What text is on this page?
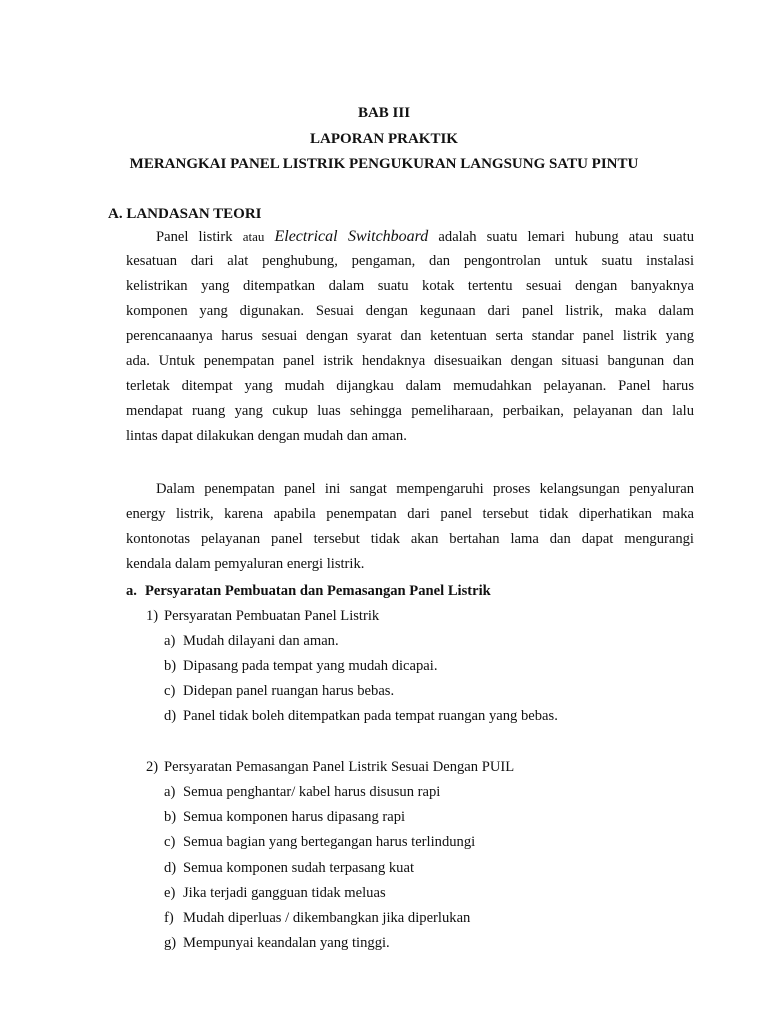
BAB III
LAPORAN PRAKTIK
MERANGKAI PANEL LISTRIK PENGUKURAN LANGSUNG SATU PINTU
A. LANDASAN TEORI
Panel listirk atau Electrical Switchboard adalah suatu lemari hubung atau suatu
kesatuan dari alat penghubung, pengaman, dan pengontrolan untuk suatu instalasi
kelistrikan yang ditempatkan dalam suatu kotak tertentu sesuai dengan banyaknya
komponen yang digunakan. Sesuai dengan kegunaan dari panel listrik, maka dalam
perencanaanya harus sesuai dengan syarat dan ketentuan serta standar panel listrik yang
ada. Untuk penempatan panel istrik hendaknya disesuaikan dengan situasi bangunan dan
terletak ditempat yang mudah dijangkau dalam memudahkan pelayanan. Panel harus
mendapat ruang yang cukup luas sehingga pemeliharaan, perbaikan, pelayanan dan lalu
lintas dapat dilakukan dengan mudah dan aman.
Dalam penempatan panel ini sangat mempengaruhi proses kelangsungan penyaluran
energy listrik, karena apabila penempatan dari panel tersebut tidak diperhatikan maka
kontonotas pelayanan panel tersebut tidak akan bertahan lama dan dapat mengurangi
kendala dalam pemyaluran energi listrik.
a. Persyaratan Pembuatan dan Pemasangan Panel Listrik
1) Persyaratan Pembuatan Panel Listrik
a) Mudah dilayani dan aman.
b) Dipasang pada tempat yang mudah dicapai.
c) Didepan panel ruangan harus bebas.
d) Panel tidak boleh ditempatkan pada tempat ruangan yang bebas.
2) Persyaratan Pemasangan Panel Listrik Sesuai Dengan PUIL
a) Semua penghantar/ kabel harus disusun rapi
b) Semua komponen harus dipasang rapi
c) Semua bagian yang bertegangan harus terlindungi
d) Semua komponen sudah terpasang kuat
e) Jika terjadi gangguan tidak meluas
f) Mudah diperluas / dikembangkan jika diperlukan
g) Mempunyai keandalan yang tinggi.
